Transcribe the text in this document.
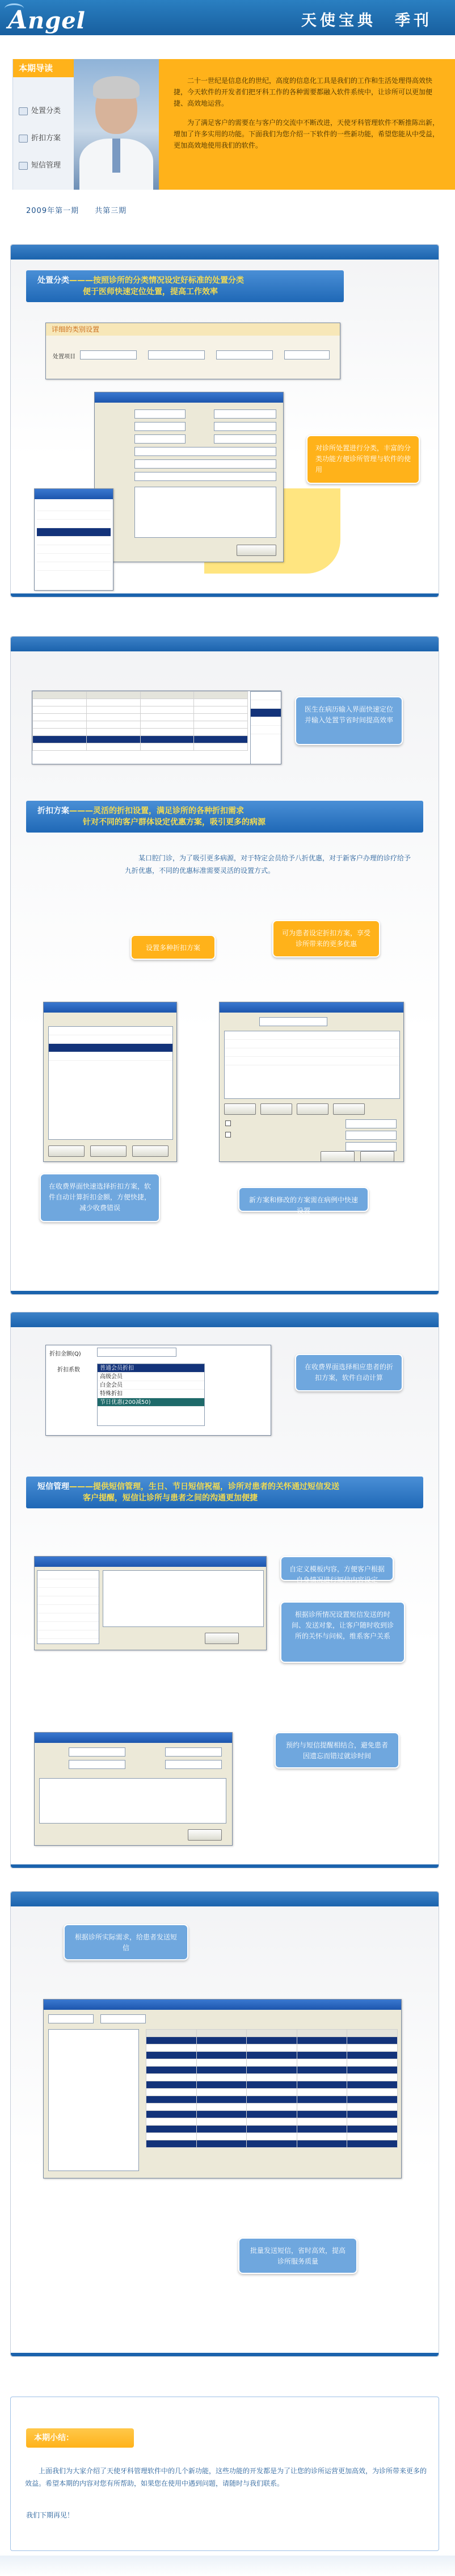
Angel	天使宝典　季刊
本期导读
处置分类
折扣方案
短信管理

二十一世纪是信息化的世纪，高度的信息化工具是我们的工作和生活处理得高效快捷，今天软件的开发者们把牙科工作的各种需要都融入软件系统中，让诊所可以更加便捷、高效地运营。

为了满足客户的需要在与客户的交流中不断改进，天使牙科管理软件不断推陈出新，增加了许多实用的功能。下面我们为您介绍一下软件的一些新功能，希望您能从中受益，更加高效地使用我们的软件。

2009年第一期　　共第三期
处置分类———按照诊所的分类情况设定好标准的处置分类
便于医师快速定位处置，提高工作效率
详细的类别设置
处置项目
对诊所处置进行分类，丰富的分类功能方便诊所管理与软件的使用

医生在病历输入界面快速定位并输入处置节省时间提高效率
折扣方案———灵活的折扣设置，满足诊所的各种折扣需求
针对不同的客户群体设定优惠方案，吸引更多的病源
某口腔门诊，为了吸引更多病源，对于特定会员给予八折优惠，对于新客户办理的诊疗给予九折优惠，不同的优惠标准需要灵活的设置方式。
设置多种折扣方案
可为患者设定折扣方案，享受诊所带来的更多优惠

在收费界面快速选择折扣方案，软件自动计算折扣金额，方便快捷，减少收费错误
新方案和修改的方案需在病例中快速设置
折扣金额(Q)
折扣系数	普通会员折扣
高级会员
白金会员
特殊折扣
节日优惠(200减50)
在收费界面选择相应患者的折扣方案，软件自动计算
短信管理———提供短信管理，生日、节日短信祝福，诊所对患者的关怀通过短信发送
客户提醒，短信让诊所与患者之间的沟通更加便捷
自定义模板内容，方便客户根据自身情况进行短信内容设定
根据诊所情况设置短信发送的时间、发送对象，让客户随时收到诊所的关怀与问候，维系客户关系
预约与短信提醒相结合，避免患者因遗忘而错过就诊时间
根据诊所实际需求，给患者发送短信

批量发送短信，省时高效，提高诊所服务质量
本期小结：
上面我们为大家介绍了天使牙科管理软件中的几个新功能，这些功能的开发都是为了让您的诊所运营更加高效，为诊所带来更多的效益。希望本期的内容对您有所帮助，如果您在使用中遇到问题，请随时与我们联系。
我们下期再见！
